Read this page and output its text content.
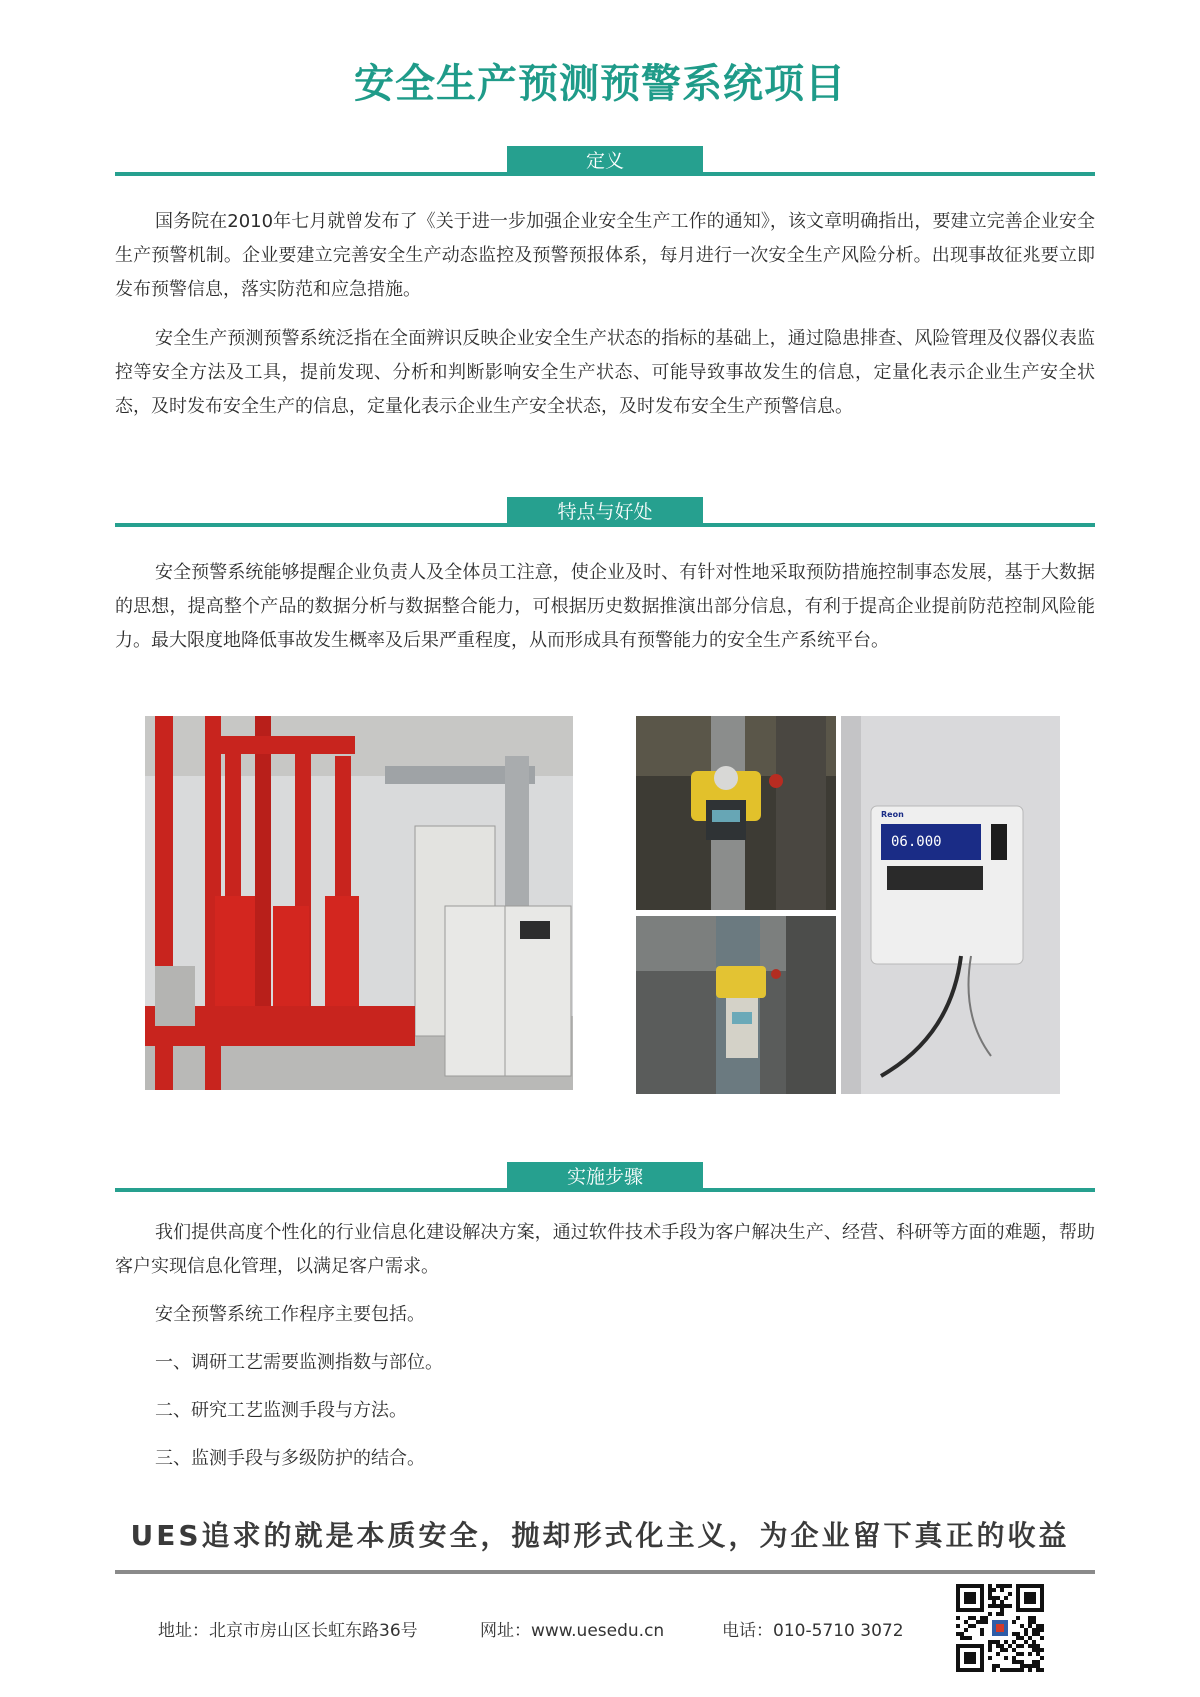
安全生产预测预警系统项目
定义

国务院在2010年七月就曾发布了《关于进一步加强企业安全生产工作的通知》，该文章明确指出，要建立完善企业安全生产预警机制。企业要建立完善安全生产动态监控及预警预报体系，每月进行一次安全生产风险分析。出现事故征兆要立即发布预警信息，落实防范和应急措施。

安全生产预测预警系统泛指在全面辨识反映企业安全生产状态的指标的基础上，通过隐患排查、风险管理及仪器仪表监控等安全方法及工具，提前发现、分析和判断影响安全生产状态、可能导致事故发生的信息，定量化表示企业生产安全状态，及时发布安全生产的信息，定量化表示企业生产安全状态，及时发布安全生产预警信息。

特点与好处

安全预警系统能够提醒企业负责人及全体员工注意，使企业及时、有针对性地采取预防措施控制事态发展，基于大数据的思想，提高整个产品的数据分析与数据整合能力，可根据历史数据推演出部分信息，有利于提高企业提前防范控制风险能力。最大限度地降低事故发生概率及后果严重程度，从而形成具有预警能力的安全生产系统平台。

Reon
06.000
实施步骤

我们提供高度个性化的行业信息化建设解决方案，通过软件技术手段为客户解决生产、经营、科研等方面的难题，帮助客户实现信息化管理，以满足客户需求。

安全预警系统工作程序主要包括。

一、调研工艺需要监测指数与部位。

二、研究工艺监测手段与方法。

三、监测手段与多级防护的结合。

UES追求的就是本质安全，抛却形式化主义，为企业留下真正的收益
地址：北京市房山区长虹东路36号	网址：www.uesedu.cn	电话：010-5710 3072
